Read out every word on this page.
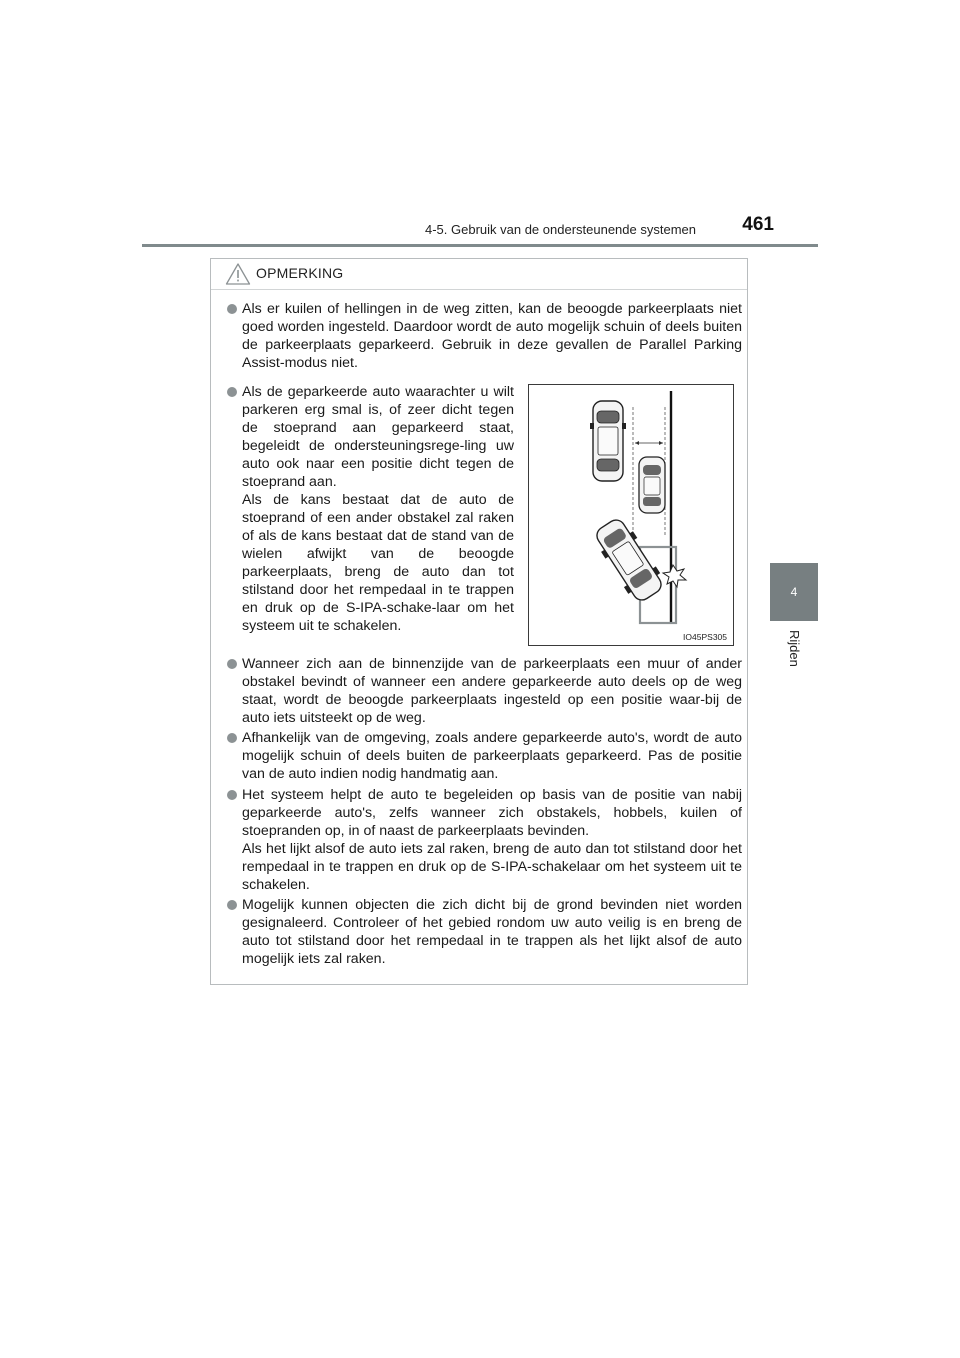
4-5. Gebruik van de ondersteunende systemen 461
4
Rijden
OPMERKING

Als er kuilen of hellingen in de weg zitten, kan de beoogde parkeerplaats niet goed worden ingesteld. Daardoor wordt de auto mogelijk schuin of deels buiten de parkeerplaats geparkeerd. Gebruik in deze gevallen de Parallel Parking Assist-modus niet.

Als de geparkeerde auto waarachter u wilt parkeren erg smal is, of zeer dicht tegen de stoeprand aan geparkeerd staat, begeleidt de ondersteuningsrege-ling uw auto ook naar een positie dicht tegen de stoeprand aan.

Als de kans bestaat dat de auto de stoeprand of een ander obstakel zal raken of als de kans bestaat dat de stand van de wielen afwijkt van de beoogde parkeerplaats, breng de auto dan tot stilstand door het rempedaal in te trappen en druk op de S-IPA-schake-laar om het systeem uit te schakelen.

IO45PS305

Wanneer zich aan de binnenzijde van de parkeerplaats een muur of ander obstakel bevindt of wanneer een andere geparkeerde auto deels op de weg staat, wordt de beoogde parkeerplaats ingesteld op een positie waar-bij de auto iets uitsteekt op de weg.

Afhankelijk van de omgeving, zoals andere geparkeerde auto's, wordt de auto mogelijk schuin of deels buiten de parkeerplaats geparkeerd. Pas de positie van de auto indien nodig handmatig aan.

Het systeem helpt de auto te begeleiden op basis van de positie van nabij geparkeerde auto's, zelfs wanneer zich obstakels, hobbels, kuilen of stoepranden op, in of naast de parkeerplaats bevinden.

Als het lijkt alsof de auto iets zal raken, breng de auto dan tot stilstand door het rempedaal in te trappen en druk op de S-IPA-schakelaar om het systeem uit te schakelen.

Mogelijk kunnen objecten die zich dicht bij de grond bevinden niet worden gesignaleerd. Controleer of het gebied rondom uw auto veilig is en breng de auto tot stilstand door het rempedaal in te trappen als het lijkt alsof de auto mogelijk iets zal raken.
